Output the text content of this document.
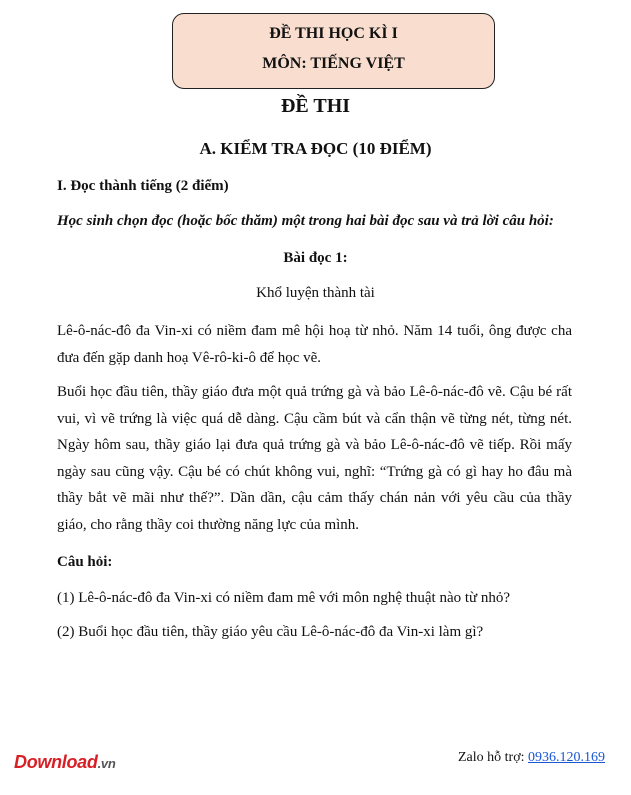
ĐỀ THI HỌC KÌ I
MÔN: TIẾNG VIỆT
ĐỀ THI
A. KIỂM TRA ĐỌC (10 ĐIỂM)
I. Đọc thành tiếng (2 điểm)
Học sinh chọn đọc (hoặc bốc thăm) một trong hai bài đọc sau và trả lời câu hỏi:
Bài đọc 1:
Khổ luyện thành tài

Lê-ô-nác-đô đa Vin-xi có niềm đam mê hội hoạ từ nhỏ. Năm 14 tuổi, ông được cha đưa đến gặp danh hoạ Vê-rô-ki-ô để học vẽ.

Buổi học đầu tiên, thầy giáo đưa một quả trứng gà và bảo Lê-ô-nác-đô vẽ. Cậu bé rất vui, vì vẽ trứng là việc quá dễ dàng. Cậu cầm bút và cẩn thận vẽ từng nét, từng nét. Ngày hôm sau, thầy giáo lại đưa quả trứng gà và bảo Lê-ô-nác-đô vẽ tiếp. Rồi mấy ngày sau cũng vậy. Cậu bé có chút không vui, nghĩ: “Trứng gà có gì hay ho đâu mà thầy bắt vẽ mãi như thế?”. Dần dần, cậu cảm thấy chán nản với yêu cầu của thầy giáo, cho rằng thầy coi thường năng lực của mình.

Câu hỏi:
(1) Lê-ô-nác-đô đa Vin-xi có niềm đam mê với môn nghệ thuật nào từ nhỏ?
(2) Buổi học đầu tiên, thầy giáo yêu cầu Lê-ô-nác-đô đa Vin-xi làm gì?
Download.vn	Zalo hỗ trợ: 0936.120.169
